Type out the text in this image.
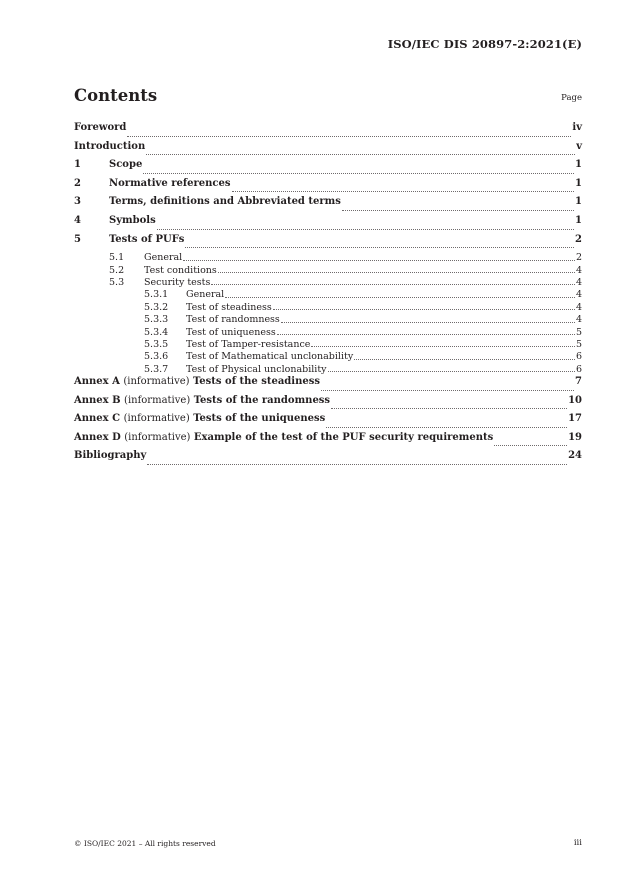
ISO/IEC DIS 20897-2:2021(E)
Contents	Page
Foreword	iv
Introduction	v
1	Scope	1
2	Normative references	1
3	Terms, definitions and Abbreviated terms	1
4	Symbols	1
5	Tests of PUFs	2
5.1	General	2
5.2	Test conditions	4
5.3	Security tests	4
5.3.1	General	4
5.3.2	Test of steadiness	4
5.3.3	Test of randomness	4
5.3.4	Test of uniqueness	5
5.3.5	Test of Tamper-resistance	5
5.3.6	Test of Mathematical unclonability	6
5.3.7	Test of Physical unclonability	6
Annex A (informative) Tests of the steadiness	7
Annex B (informative) Tests of the randomness	10
Annex C (informative) Tests of the uniqueness	17
Annex D (informative) Example of the test of the PUF security requirements	19
Bibliography	24
© ISO/IEC 2021 – All rights reserved	iii
